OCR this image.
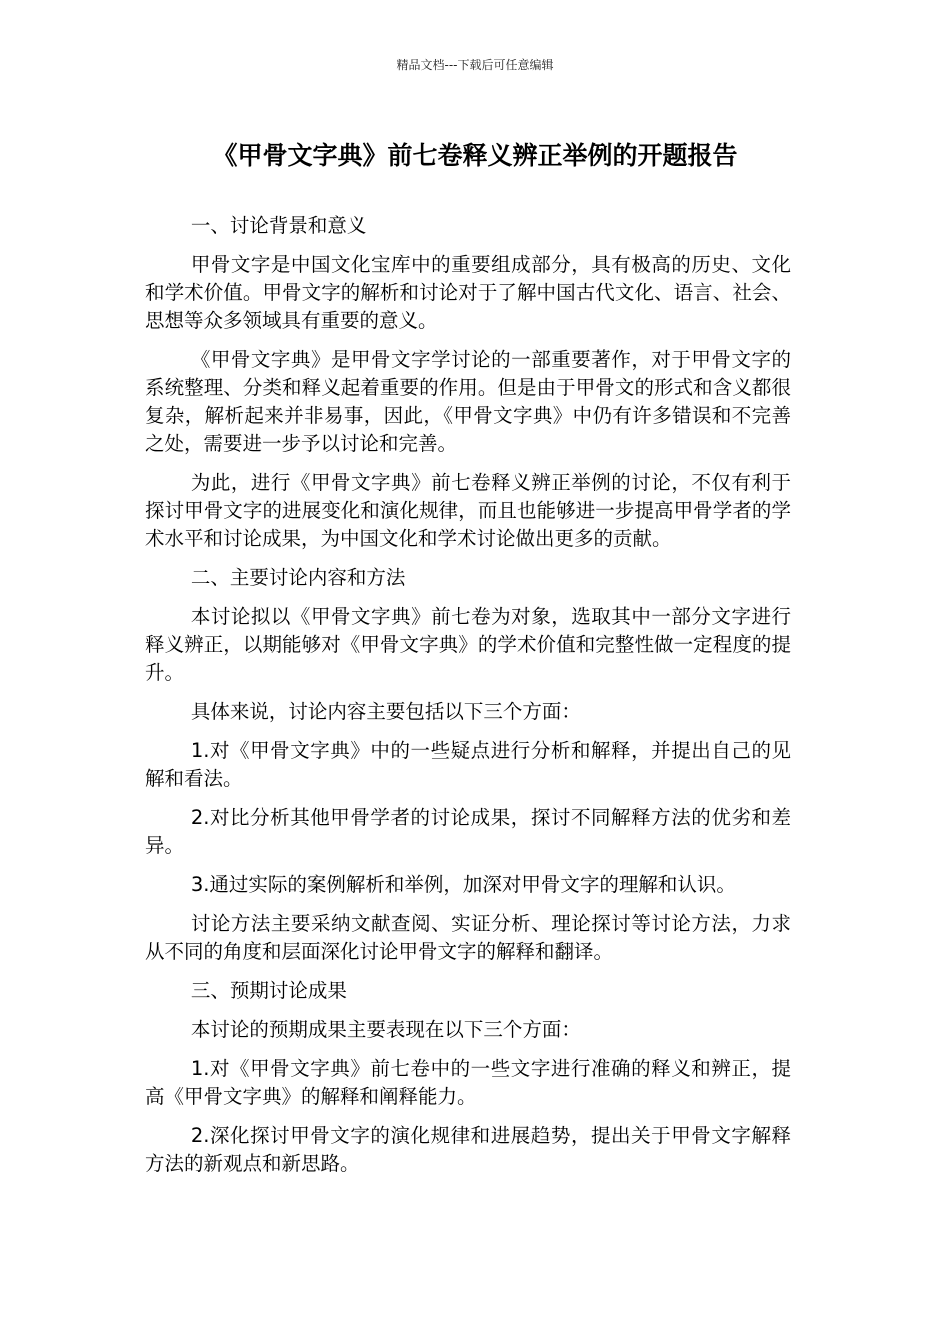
精品文档---下载后可任意编辑
《甲骨文字典》前七卷释义辨正举例的开题报告

一、讨论背景和意义

甲骨文字是中国文化宝库中的重要组成部分，具有极高的历史、文化和学术价值。甲骨文字的解析和讨论对于了解中国古代文化、语言、社会、思想等众多领域具有重要的意义。

《甲骨文字典》是甲骨文字学讨论的一部重要著作，对于甲骨文字的系统整理、分类和释义起着重要的作用。但是由于甲骨文的形式和含义都很复杂，解析起来并非易事，因此，《甲骨文字典》中仍有许多错误和不完善之处，需要进一步予以讨论和完善。

为此，进行《甲骨文字典》前七卷释义辨正举例的讨论，不仅有利于探讨甲骨文字的进展变化和演化规律，而且也能够进一步提高甲骨学者的学术水平和讨论成果，为中国文化和学术讨论做出更多的贡献。

二、主要讨论内容和方法

本讨论拟以《甲骨文字典》前七卷为对象，选取其中一部分文字进行释义辨正，以期能够对《甲骨文字典》的学术价值和完整性做一定程度的提升。

具体来说，讨论内容主要包括以下三个方面：

1.对《甲骨文字典》中的一些疑点进行分析和解释，并提出自己的见解和看法。

2.对比分析其他甲骨学者的讨论成果，探讨不同解释方法的优劣和差异。

3.通过实际的案例解析和举例，加深对甲骨文字的理解和认识。

讨论方法主要采纳文献查阅、实证分析、理论探讨等讨论方法，力求从不同的角度和层面深化讨论甲骨文字的解释和翻译。

三、预期讨论成果

本讨论的预期成果主要表现在以下三个方面：

1.对《甲骨文字典》前七卷中的一些文字进行准确的释义和辨正，提高《甲骨文字典》的解释和阐释能力。

2.深化探讨甲骨文字的演化规律和进展趋势，提出关于甲骨文字解释方法的新观点和新思路。
